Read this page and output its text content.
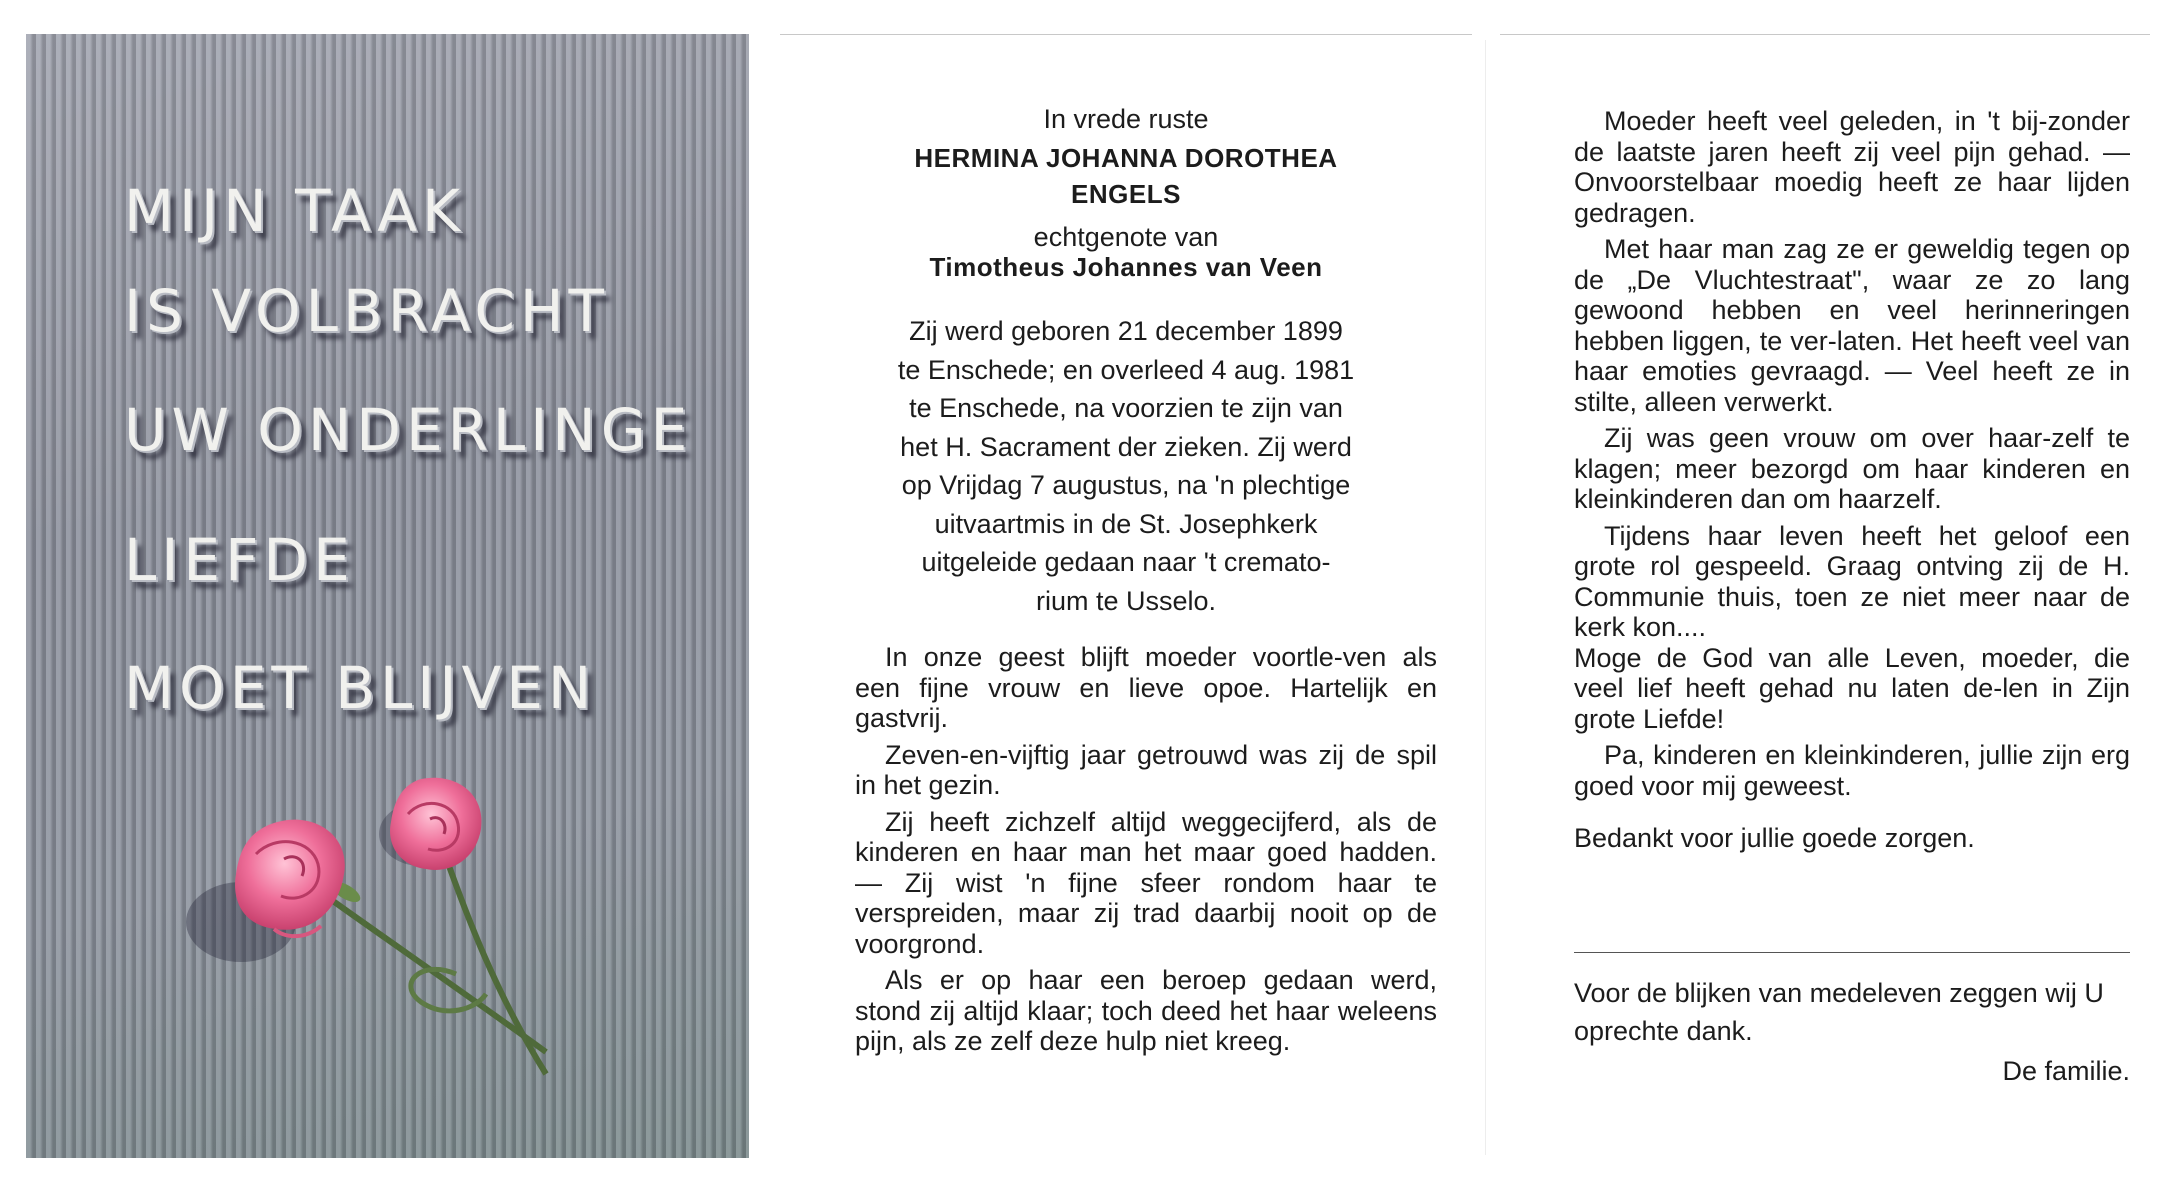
MIJN TAAK

IS VOLBRACHT

UW ONDERLINGE

LIEFDE

MOET BLIJVEN

In vrede ruste

HERMINA JOHANNA DOROTHEA

ENGELS

echtgenote van

Timotheus Johannes van Veen

Zij werd geboren 21 december 1899

te Enschede; en overleed 4 aug. 1981

te Enschede, na voorzien te zijn van

het H. Sacrament der zieken. Zij werd

op Vrijdag 7 augustus, na 'n plechtige

uitvaartmis in de St. Josephkerk

uitgeleide gedaan naar 't cremato-

rium te Usselo.

In onze geest blijft moeder voortle-ven als een fijne vrouw en lieve opoe. Hartelijk en gastvrij.

Zeven-en-vijftig jaar getrouwd was zij de spil in het gezin.

Zij heeft zichzelf altijd weggecijferd, als de kinderen en haar man het maar goed hadden. — Zij wist 'n fijne sfeer rondom haar te verspreiden, maar zij trad daarbij nooit op de voorgrond.

Als er op haar een beroep gedaan werd, stond zij altijd klaar; toch deed het haar weleens pijn, als ze zelf deze hulp niet kreeg.

Moeder heeft veel geleden, in 't bij-zonder de laatste jaren heeft zij veel pijn gehad. — Onvoorstelbaar moedig heeft ze haar lijden gedragen.

Met haar man zag ze er geweldig tegen op de „De Vluchtestraat", waar ze zo lang gewoond hebben en veel herinneringen hebben liggen, te ver-laten. Het heeft veel van haar emoties gevraagd. — Veel heeft ze in stilte, alleen verwerkt.

Zij was geen vrouw om over haar-zelf te klagen; meer bezorgd om haar kinderen en kleinkinderen dan om haarzelf.

Tijdens haar leven heeft het geloof een grote rol gespeeld. Graag ontving zij de H. Communie thuis, toen ze niet meer naar de kerk kon....

Moge de God van alle Leven, moeder, die veel lief heeft gehad nu laten de-len in Zijn grote Liefde!

Pa, kinderen en kleinkinderen, jullie zijn erg goed voor mij geweest.

Bedankt voor jullie goede zorgen.

Voor de blijken van medeleven zeggen wij U oprechte dank.

De familie.
